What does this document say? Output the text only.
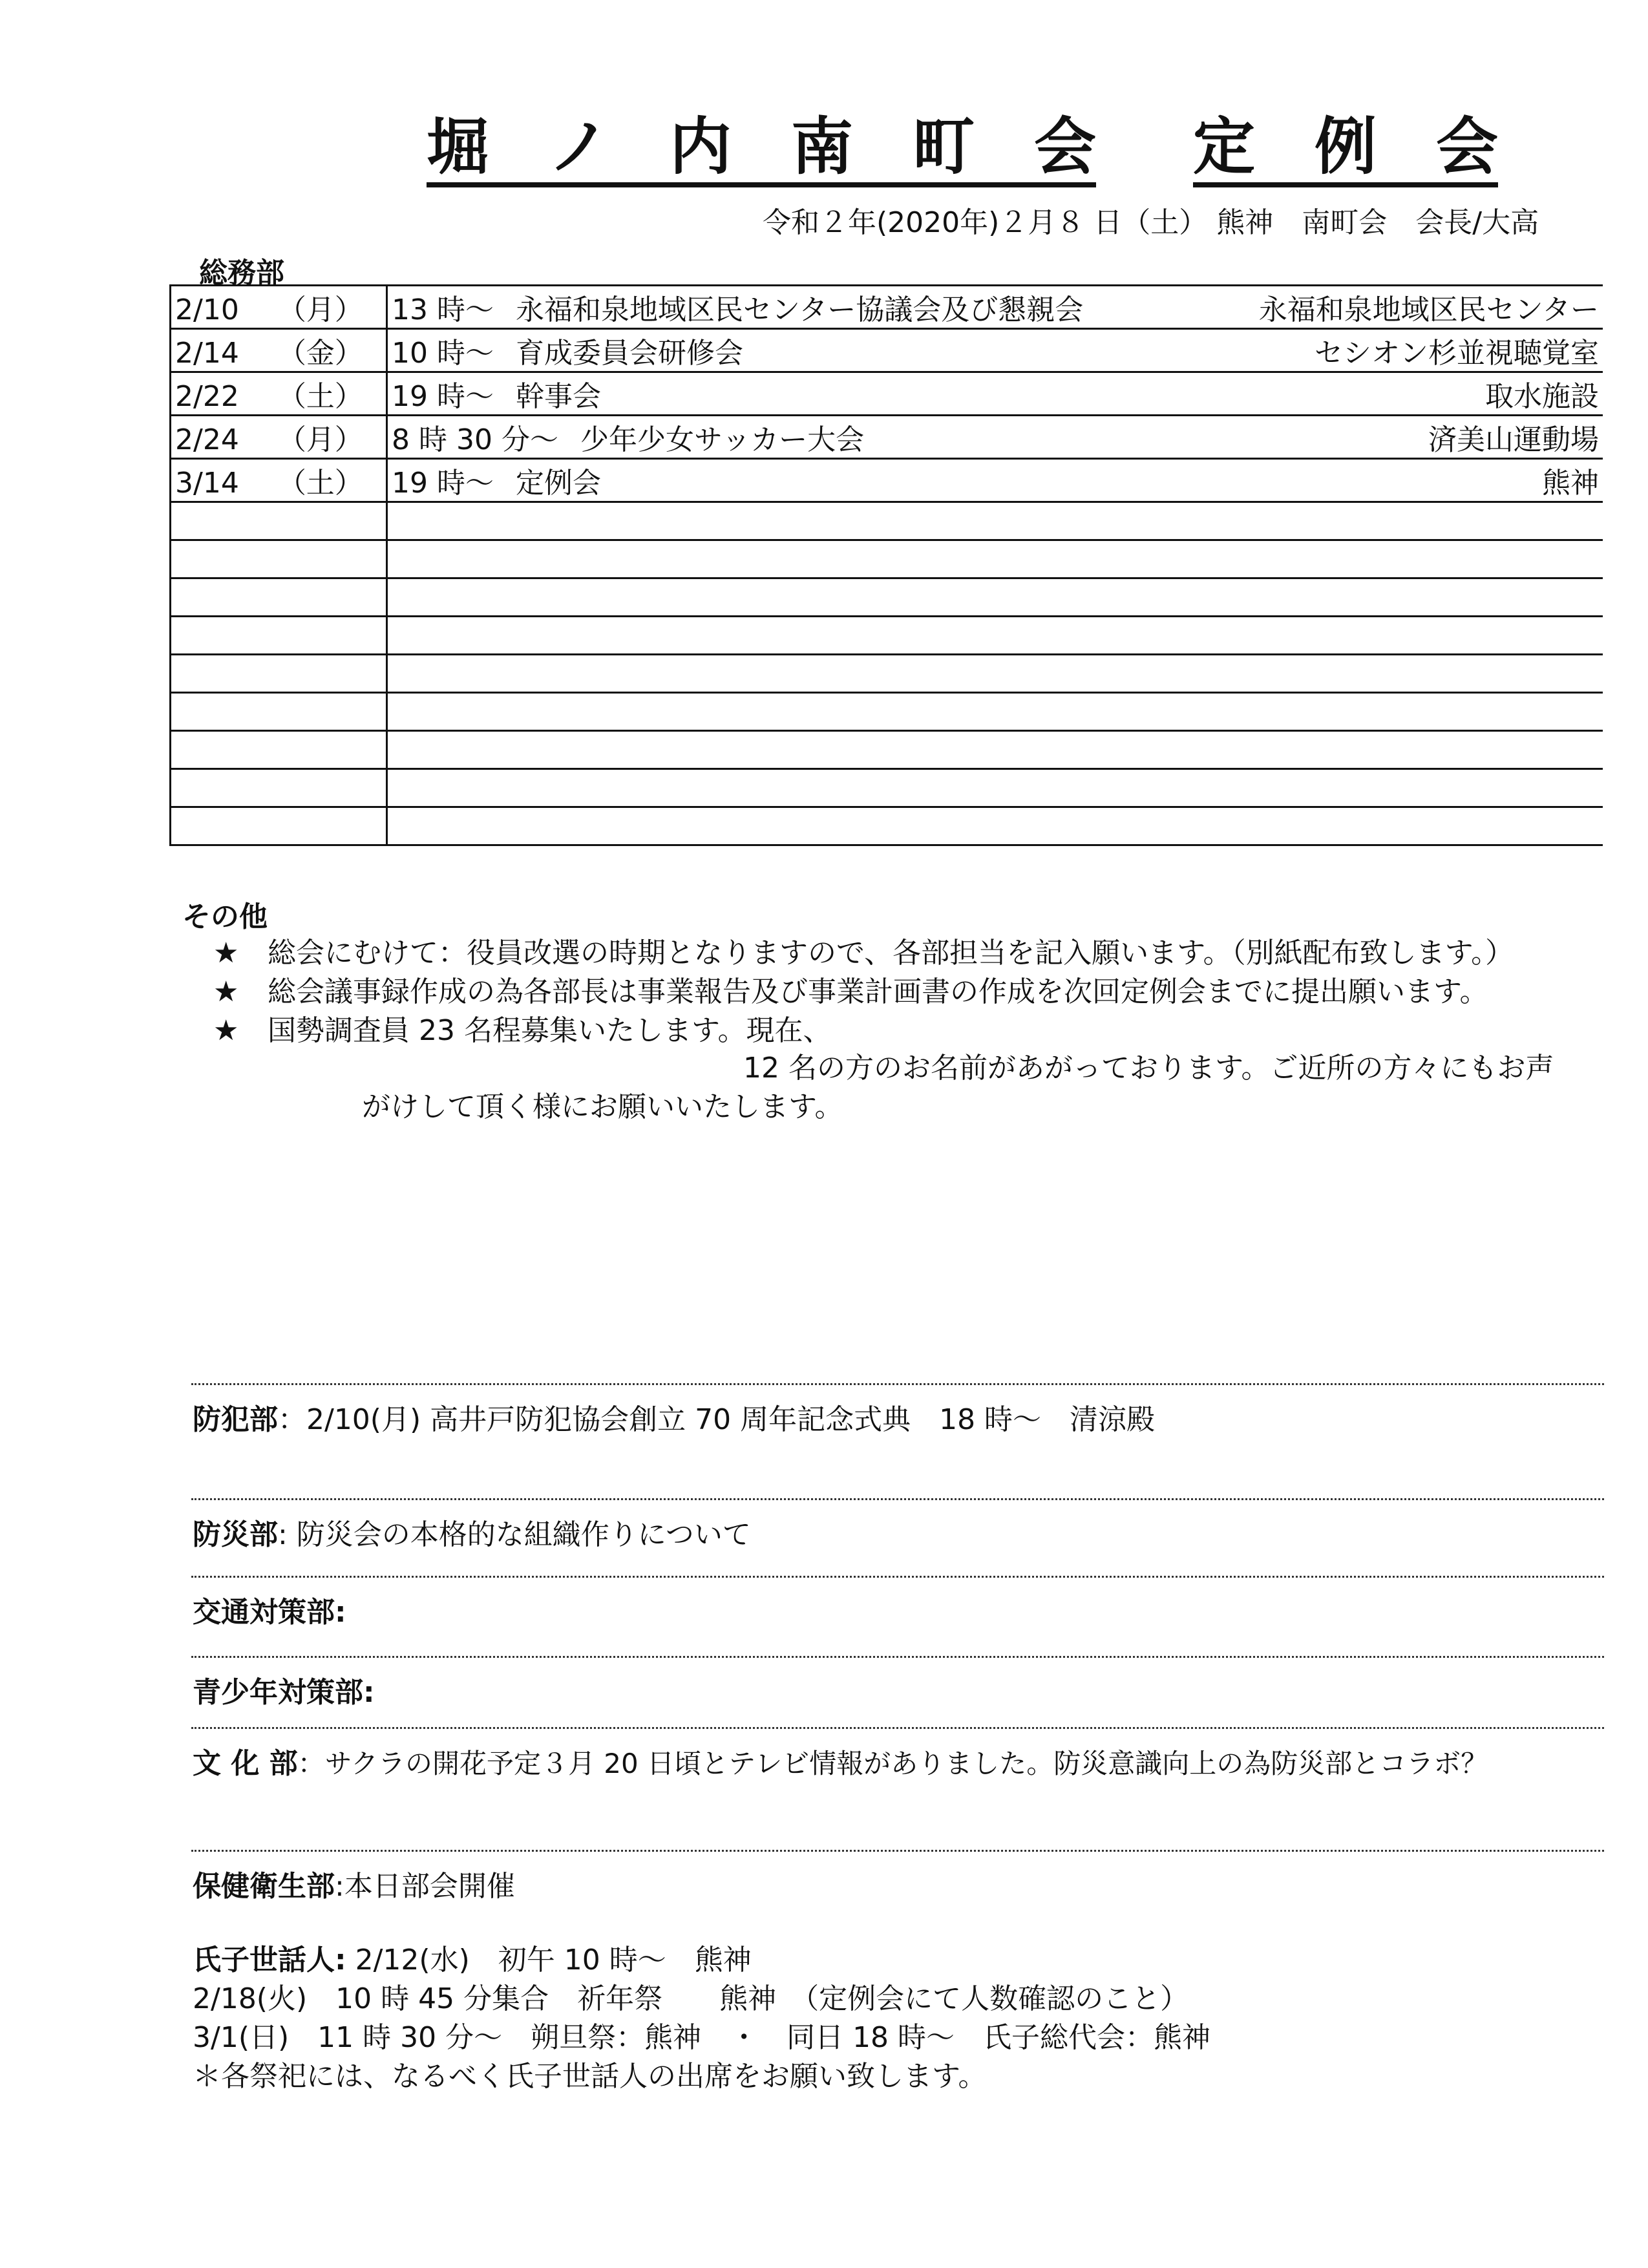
堀 ノ 内 南 町 会 定 例 会
令和２年(2020年)２月８ 日（土） 熊神　南町会　会長/大高
総務部
2/10 （月）	13 時～ 永福和泉地域区民センター協議会及び懇親会 永福和泉地域区民センター

2/14 （金）	10 時～ 育成委員会研修会 セシオン杉並視聴覚室

2/22 （土）	19 時～ 幹事会 取水施設

2/24 （月）	8 時 30 分～ 少年少女サッカー大会 済美山運動場

3/14 （土）	19 時～ 定例会 熊神

その他
★ 総会にむけて：役員改選の時期となりますので、各部担当を記入願います。（別紙配布致します。）
★ 総会議事録作成の為各部長は事業報告及び事業計画書の作成を次回定例会までに提出願います。
★ 国勢調査員 23 名程募集いたします。現在、
12 名の方のお名前があがっております。ご近所の方々にもお声
がけして頂く様にお願いいたします。
防犯部：2/10(月) 高井戸防犯協会創立 70 周年記念式典　18 時～　清涼殿
防災部: 防災会の本格的な組織作りについて
交通対策部:
青少年対策部:
文 化 部：サクラの開花予定３月 20 日頃とテレビ情報がありました。防災意識向上の為防災部とコラボ？
保健衛生部:本日部会開催
氏子世話人: 2/12(水)　初午 10 時～　熊神
2/18(火)　10 時 45 分集合　祈年祭　　熊神　（定例会にて人数確認のこと）
3/1(日)　11 時 30 分～　朔旦祭：熊神　・　同日 18 時～　氏子総代会：熊神
＊各祭祀には、なるべく氏子世話人の出席をお願い致します。
